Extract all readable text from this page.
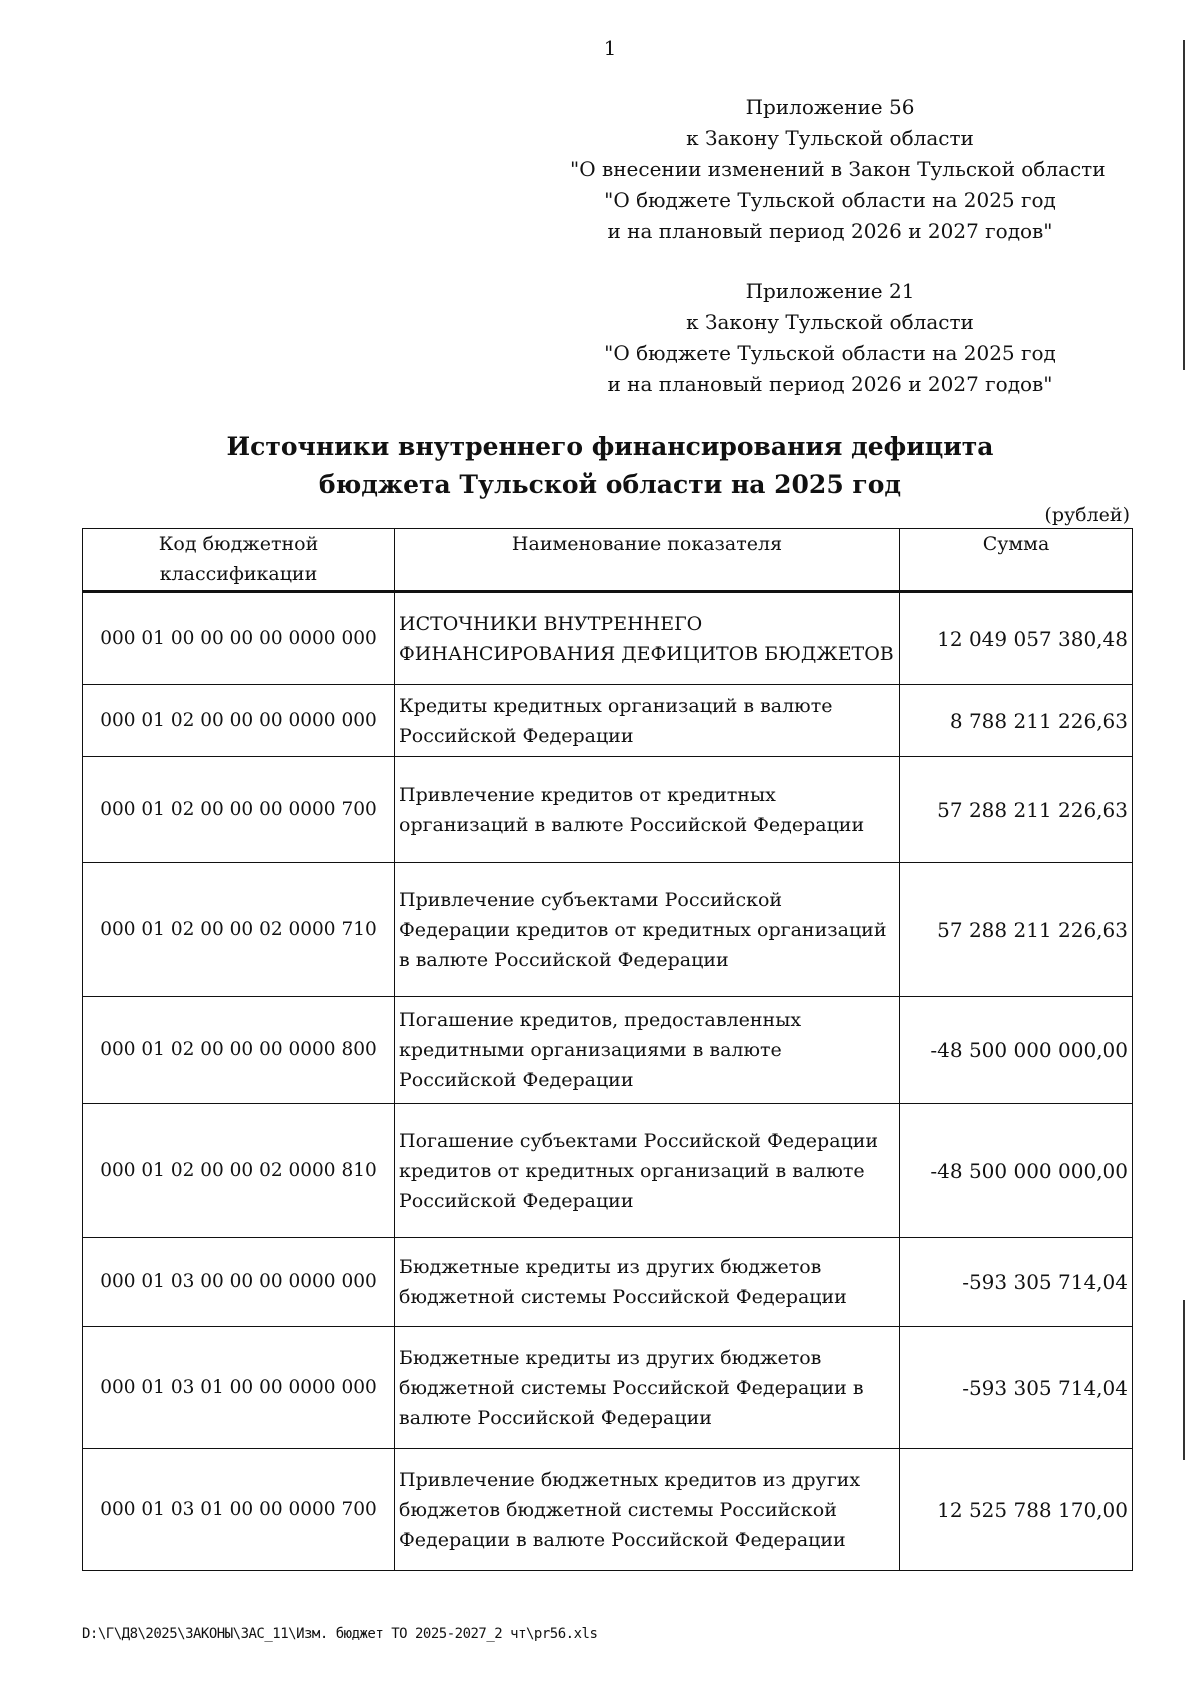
1
Приложение 56
к Закону Тульской области
"О внесении изменений в Закон Тульской области
"О бюджете Тульской области на 2025 год
и на плановый период 2026 и 2027 годов"
Приложение 21
к Закону Тульской области
"О бюджете Тульской области на 2025 год
и на плановый период 2026 и 2027 годов"
Источники внутреннего финансирования дефицита
бюджета Тульской области на 2025 год
(рублей)
Код бюджетной классификации	Наименование показателя	Сумма
000 01 00 00 00 00 0000 000	ИСТОЧНИКИ ВНУТРЕННЕГО ФИНАНСИРОВАНИЯ ДЕФИЦИТОВ БЮДЖЕТОВ	12 049 057 380,48
000 01 02 00 00 00 0000 000	Кредиты кредитных организаций в валюте Российской Федерации	8 788 211 226,63
000 01 02 00 00 00 0000 700	Привлечение кредитов от кредитных организаций в валюте Российской Федерации	57 288 211 226,63
000 01 02 00 00 02 0000 710	Привлечение субъектами Российской Федерации кредитов от кредитных организаций в валюте Российской Федерации	57 288 211 226,63
000 01 02 00 00 00 0000 800	Погашение кредитов, предоставленных кредитными организациями в валюте Российской Федерации	-48 500 000 000,00
000 01 02 00 00 02 0000 810	Погашение субъектами Российской Федерации кредитов от кредитных организаций в валюте Российской Федерации	-48 500 000 000,00
000 01 03 00 00 00 0000 000	Бюджетные кредиты из других бюджетов бюджетной системы Российской Федерации	-593 305 714,04
000 01 03 01 00 00 0000 000	Бюджетные кредиты из других бюджетов бюджетной системы Российской Федерации в валюте Российской Федерации	-593 305 714,04
000 01 03 01 00 00 0000 700	Привлечение бюджетных кредитов из других бюджетов бюджетной системы Российской Федерации в валюте Российской Федерации	12 525 788 170,00
D:\Г\Д8\2025\ЗАКОНЫ\ЗАС_11\Изм. бюджет ТО 2025-2027_2 чт\pr56.xls
